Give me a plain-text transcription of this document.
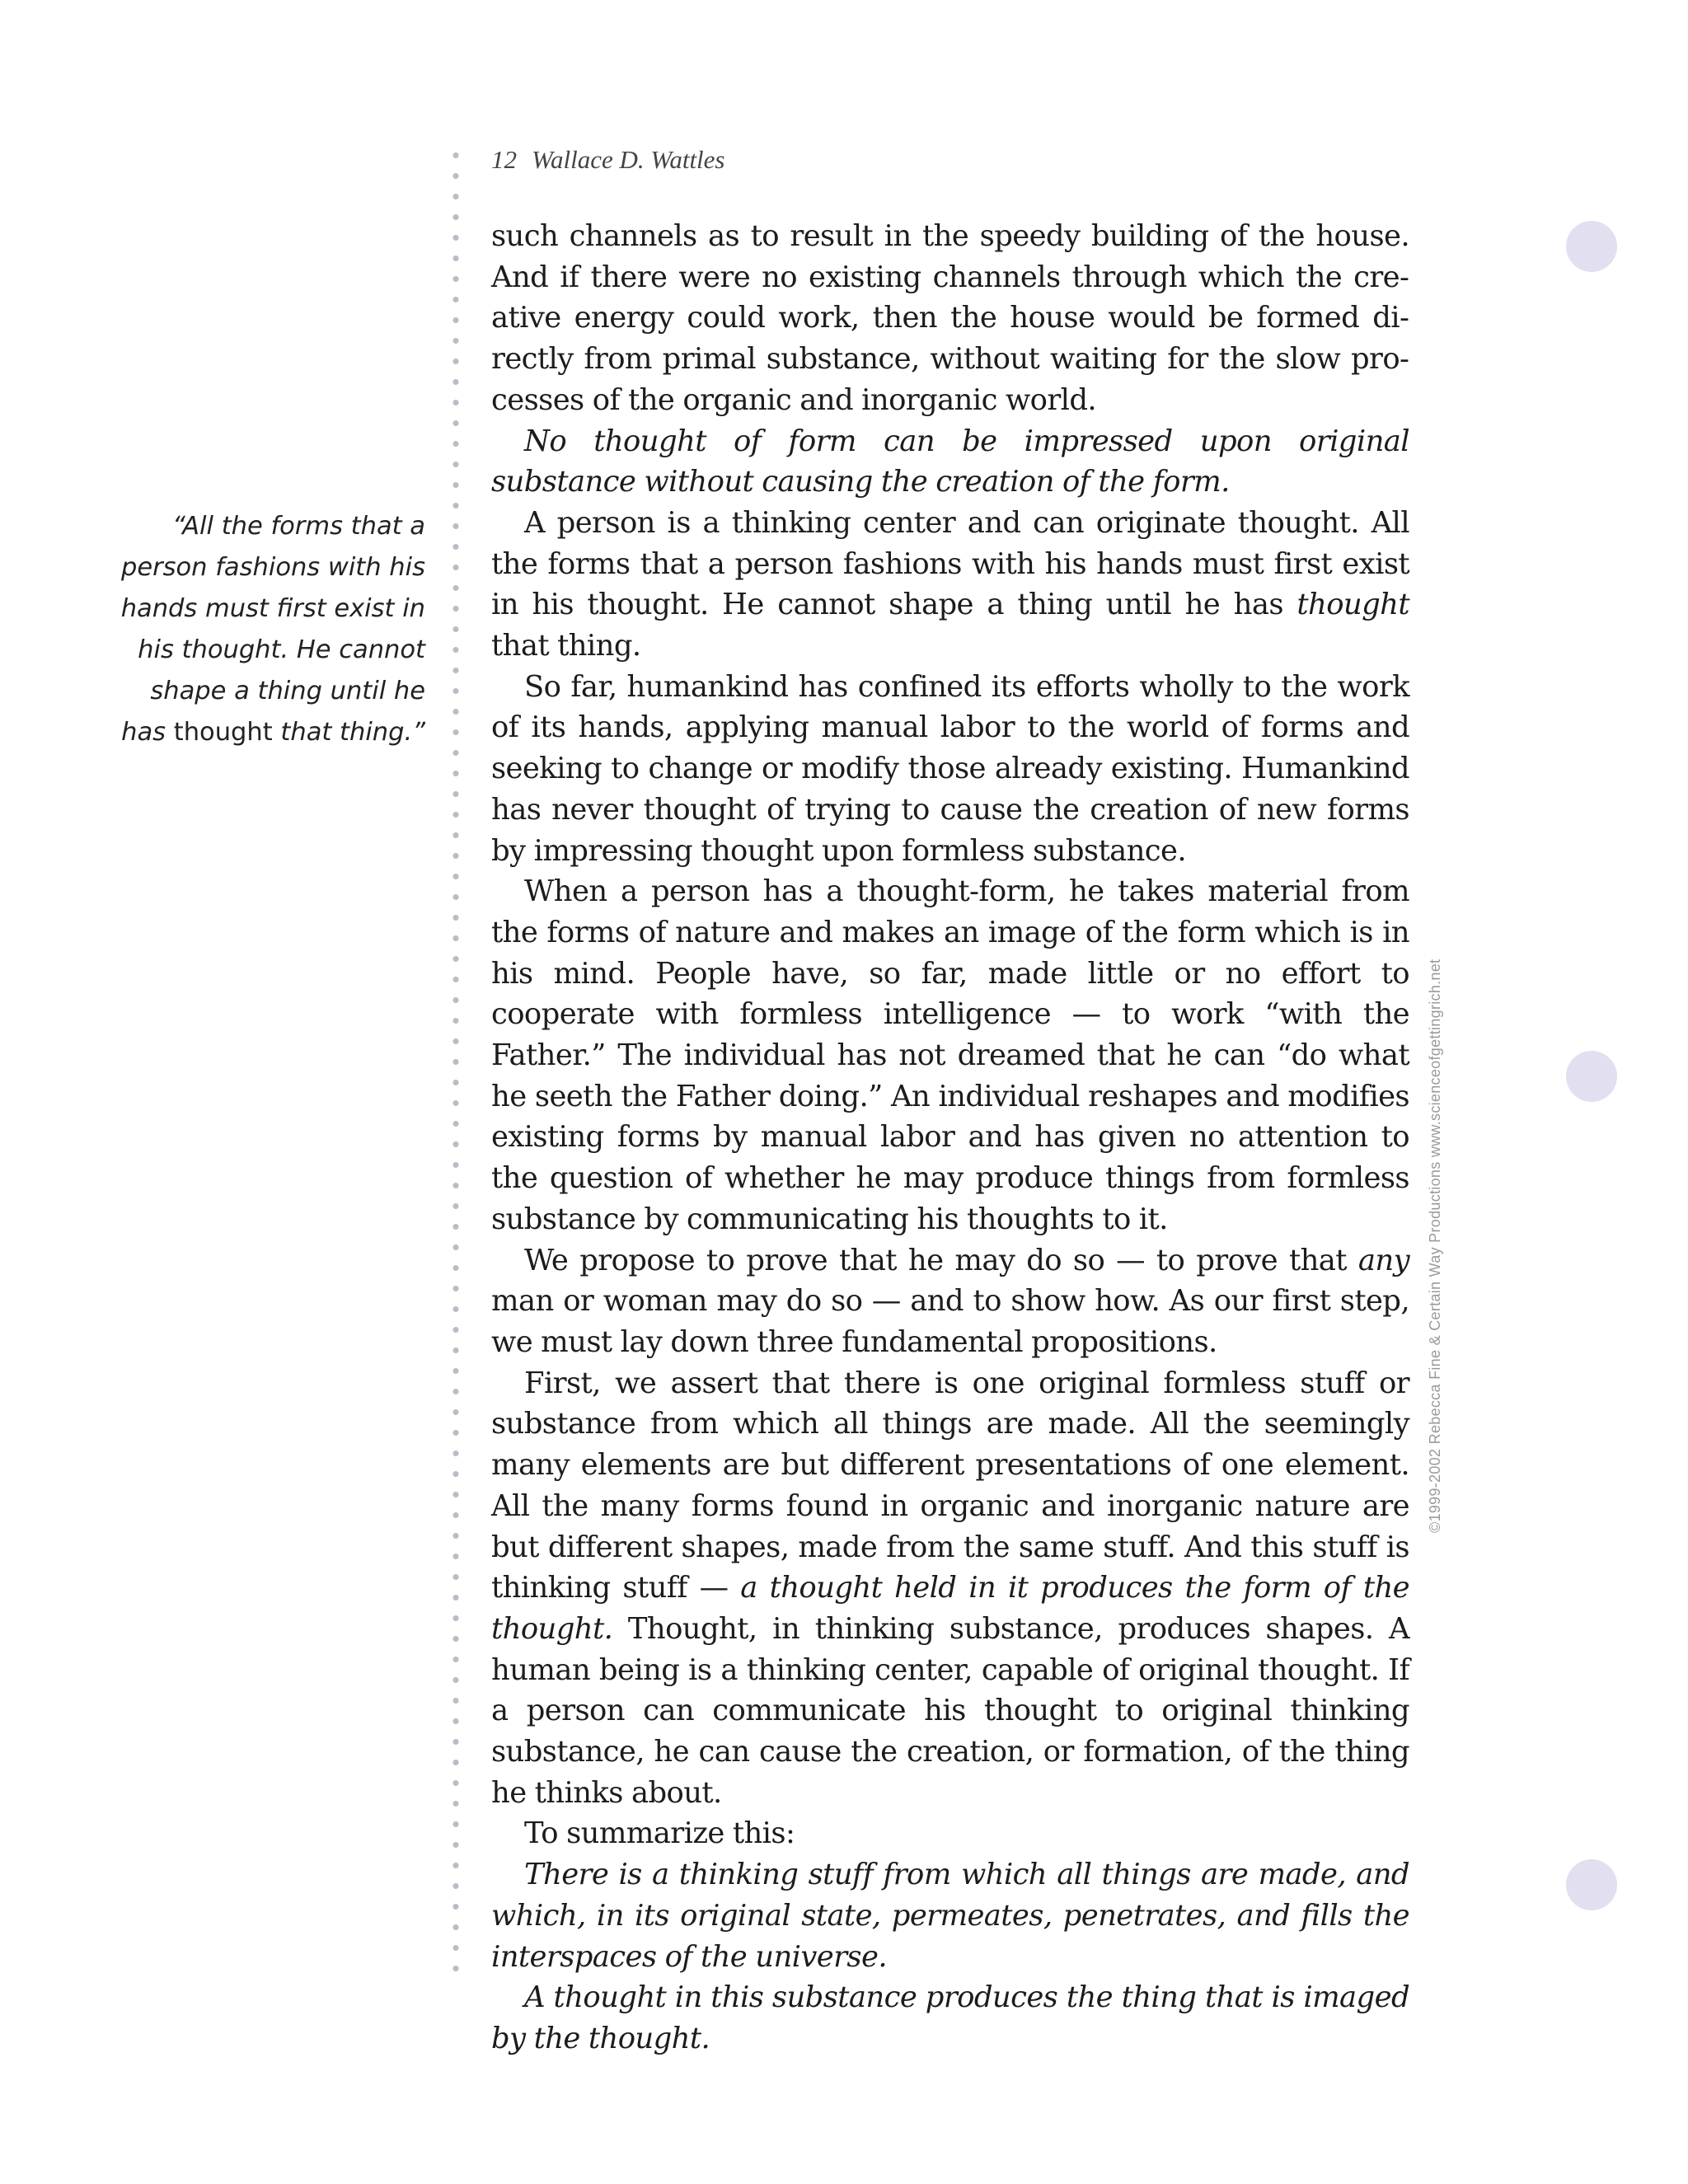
12 Wallace D. Wattles
“All the forms that a person fashions with his hands must first exist in his thought. He cannot shape a thing until he has thought that thing.”

such channels as to result in the speedy building of the house. And if there were no existing channels through which the creative energy could work, then the house would be formed directly from primal substance, without waiting for the slow processes of the organic and inorganic world.

No thought of form can be impressed upon original substance without causing the creation of the form.

A person is a thinking center and can originate thought. All the forms that a person fashions with his hands must first exist in his thought. He cannot shape a thing until he has thought that thing.

So far, humankind has confined its efforts wholly to the work of its hands, applying manual labor to the world of forms and seeking to change or modify those already existing. Humankind has never thought of trying to cause the creation of new forms by impressing thought upon formless substance.

When a person has a thought-form, he takes material from the forms of nature and makes an image of the form which is in his mind. People have, so far, made little or no effort to cooperate with formless intelligence — to work “with the Father.” The individual has not dreamed that he can “do what he seeth the Father doing.” An individual reshapes and modifies existing forms by manual labor and has given no attention to the question of whether he may produce things from formless substance by communicating his thoughts to it.

We propose to prove that he may do so — to prove that any man or woman may do so — and to show how. As our first step, we must lay down three fundamental propositions.

First, we assert that there is one original formless stuff or substance from which all things are made. All the seemingly many elements are but different presentations of one element. All the many forms found in organic and inorganic nature are but different shapes, made from the same stuff. And this stuff is thinking stuff — a thought held in it produces the form of the thought. Thought, in thinking substance, produces shapes. A human being is a thinking center, capable of original thought. If a person can communicate his thought to original thinking substance, he can cause the creation, or formation, of the thing he thinks about.

To summarize this:

There is a thinking stuff from which all things are made, and which, in its original state, permeates, penetrates, and fills the interspaces of the universe.

A thought in this substance produces the thing that is imaged by the thought.

©1999-2002 Rebecca Fine & Certain Way Productions www.scienceofgettingrich.net
